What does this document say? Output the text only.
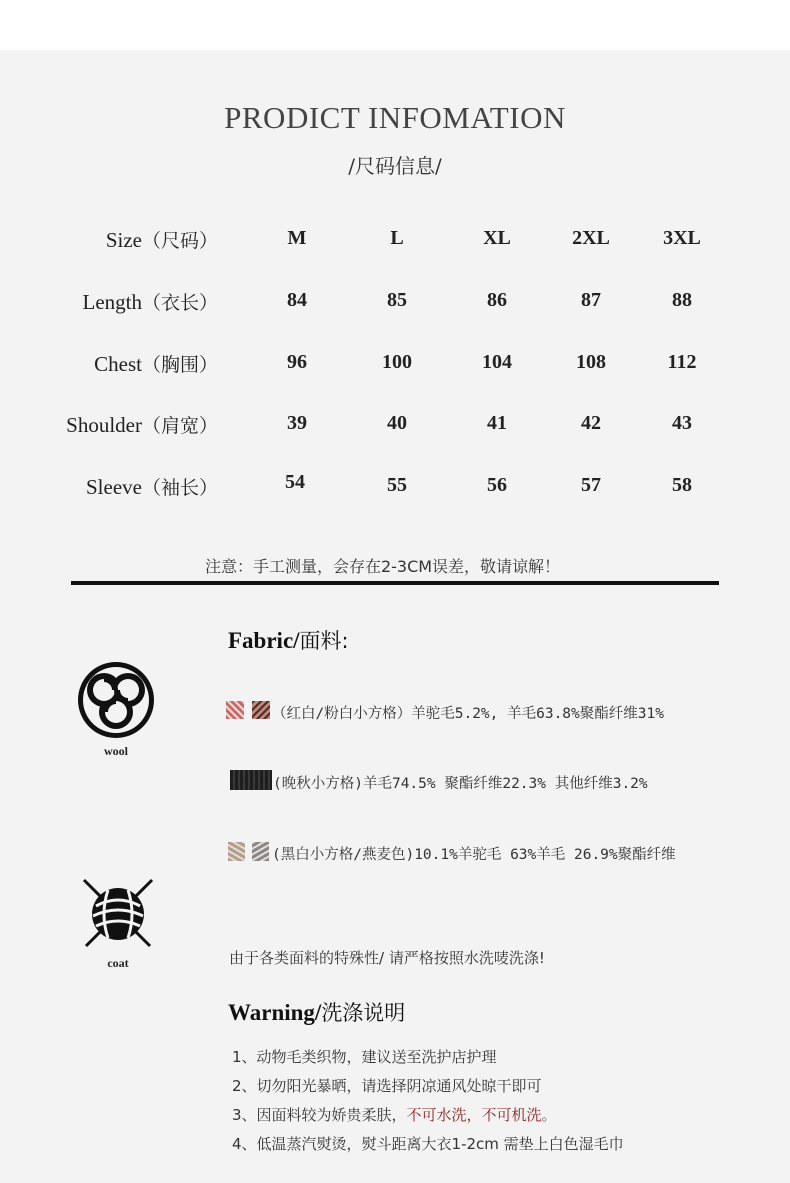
PRODICT INFOMATION
/尺码信息/
Size（尺码）	M	L	XL	2XL	3XL
Length（衣长）	84	85	86	87	88
Chest（胸围）	96	100	104	108	112
Shoulder（肩宽）	39	40	41	42	43
Sleeve（袖长）	54	55	56	57	58
注意：手工测量，会存在2-3CM误差，敬请谅解！
wool
coat
Fabric/面料:
（红白/粉白小方格）羊驼毛5.2%, 羊毛63.8%聚酯纤维31%
(晚秋小方格)羊毛74.5% 聚酯纤维22.3% 其他纤维3.2%
(黑白小方格/燕麦色)10.1%羊驼毛 63%羊毛 26.9%聚酯纤维
由于各类面料的特殊性/ 请严格按照水洗唛洗涤!
Warning/洗涤说明
1、动物毛类织物，建议送至洗护店护理
2、切勿阳光暴晒，请选择阴凉通风处晾干即可
3、因面料较为娇贵柔肤，不可水洗，不可机洗。
4、低温蒸汽熨烫，熨斗距离大衣1-2cm 需垫上白色湿毛巾
